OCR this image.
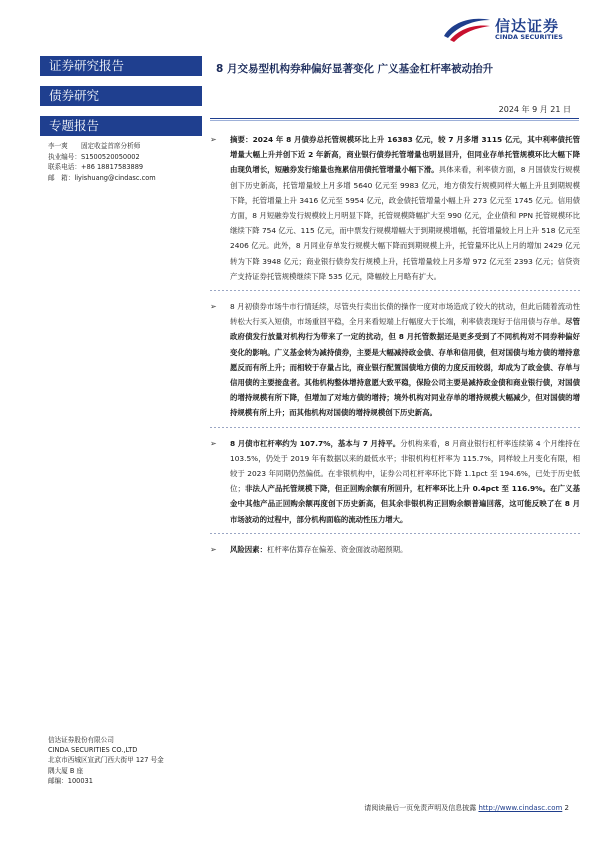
信达证券
CINDA SECURITIES
证券研究报告
债券研究
专题报告
李一爽　　固定收益首席分析师
执业编号：S1500520050002
联系电话：+86 18817583889
邮　箱：liyishuang@cindasc.com
信达证券股份有限公司
CINDA SECURITIES CO.,LTD
北京市西城区宣武门西大街甲 127 号金
隅大厦 B 座
邮编：100031
8 月交易型机构券种偏好显著变化 广义基金杠杆率被动抬升
2024 年 9 月 21 日
➢ 摘要：2024 年 8 月债券总托管规模环比上升 16383 亿元，较 7 月多增 3115 亿元，其中利率债托管增量大幅上升并创下近 2 年新高，商业银行债券托管增量也明显回升，但同业存单托管规模环比大幅下降由现负增长，短融券发行缩量也拖累信用债托管增量小幅下滑。具体来看，利率债方面，8 月国债发行规模创下历史新高，托管增量较上月多增 5640 亿元至 9983 亿元，地方债发行规模同样大幅上升且到期规模下降，托管增量上升 3416 亿元至 5954 亿元，政金债托管增量小幅上升 273 亿元至 1745 亿元。信用债方面，8 月短融券发行规模较上月明显下降，托管规模降幅扩大至 990 亿元，企业债和 PPN 托管规模环比继续下降 754 亿元、115 亿元，而中票发行规模增幅大于到期规模增幅，托管增量较上月上升 518 亿元至 2406 亿元。此外，8 月同业存单发行规模大幅下降而到期规模上升，托管量环比从上月的增加 2429 亿元转为下降 3948 亿元；商业银行债券发行规模上升，托管增量较上月多增 972 亿元至 2393 亿元；信贷资产支持证券托管规模继续下降 535 亿元，降幅较上月略有扩大。
➢ 8 月初债券市场牛市行情延续，尽管央行卖出长债的操作一度对市场造成了较大的扰动，但此后随着流动性转松大行买入短债，市场重回平稳，全月来看短端上行幅度大于长端，利率债表现好于信用债与存单。尽管政府债发行放量对机构行为带来了一定的扰动，但 8 月托管数据还是更多受到了不同机构对不同券种偏好变化的影响。广义基金转为减持债券，主要是大幅减持政金债、存单和信用债，但对国债与地方债的增持意愿反而有所上升；而相较于存量占比，商业银行配置国债地方债的力度反而较弱，却成为了政金债、存单与信用债的主要接盘者。其他机构整体增持意愿大致平稳，保险公司主要是减持政金债和商业银行债，对国债的增持规模有所下降，但增加了对地方债的增持；境外机构对同业存单的增持规模大幅减少，但对国债的增持规模有所上升；而其他机构对国债的增持规模创下历史新高。
➢ 8 月债市杠杆率约为 107.7%，基本与 7 月持平。分机构来看，8 月商业银行杠杆率连续第 4 个月维持在 103.5%，仍处于 2019 年有数据以来的最低水平；非银机构杠杆率为 115.7%，同样较上月变化有限，相较于 2023 年同期仍然偏低。在非银机构中，证券公司杠杆率环比下降 1.1pct 至 194.6%，已处于历史低位；非法人产品托管规模下降，但正回购余额有所回升，杠杆率环比上升 0.4pct 至 116.9%。在广义基金中其他产品正回购余额再度创下历史新高，但其余非银机构正回购余额普遍回落，这可能反映了在 8 月市场波动的过程中，部分机构面临的流动性压力增大。
➢ 风险因素：杠杆率估算存在偏差、资金面波动超预期。
请阅读最后一页免责声明及信息披露 http://www.cindasc.com 2
